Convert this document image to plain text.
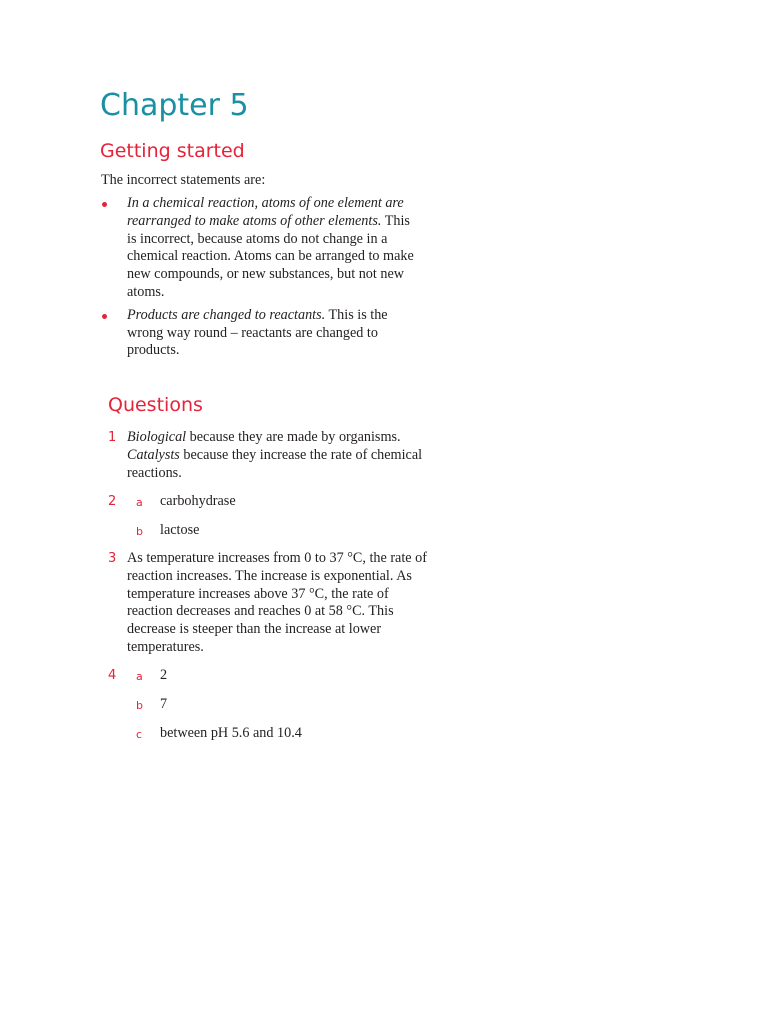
Chapter 5
Getting started

The incorrect statements are:

In a chemical reaction, atoms of one element are rearranged to make atoms of other elements. This is incorrect, because atoms do not change in a chemical reaction. Atoms can be arranged to make new compounds, or new substances, but not new atoms.
Products are changed to reactants. This is the wrong way round – reactants are changed to products.
Questions
1 Biological because they are made by organisms. Catalysts because they increase the rate of chemical reactions.
2 a carbohydrase
b lactose
3 As temperature increases from 0 to 37 °C, the rate of reaction increases. The increase is exponential. As temperature increases above 37 °C, the rate of reaction decreases and reaches 0 at 58 °C. This decrease is steeper than the increase at lower temperatures.
4 a 2
b 7
c between pH 5.6 and 10.4
